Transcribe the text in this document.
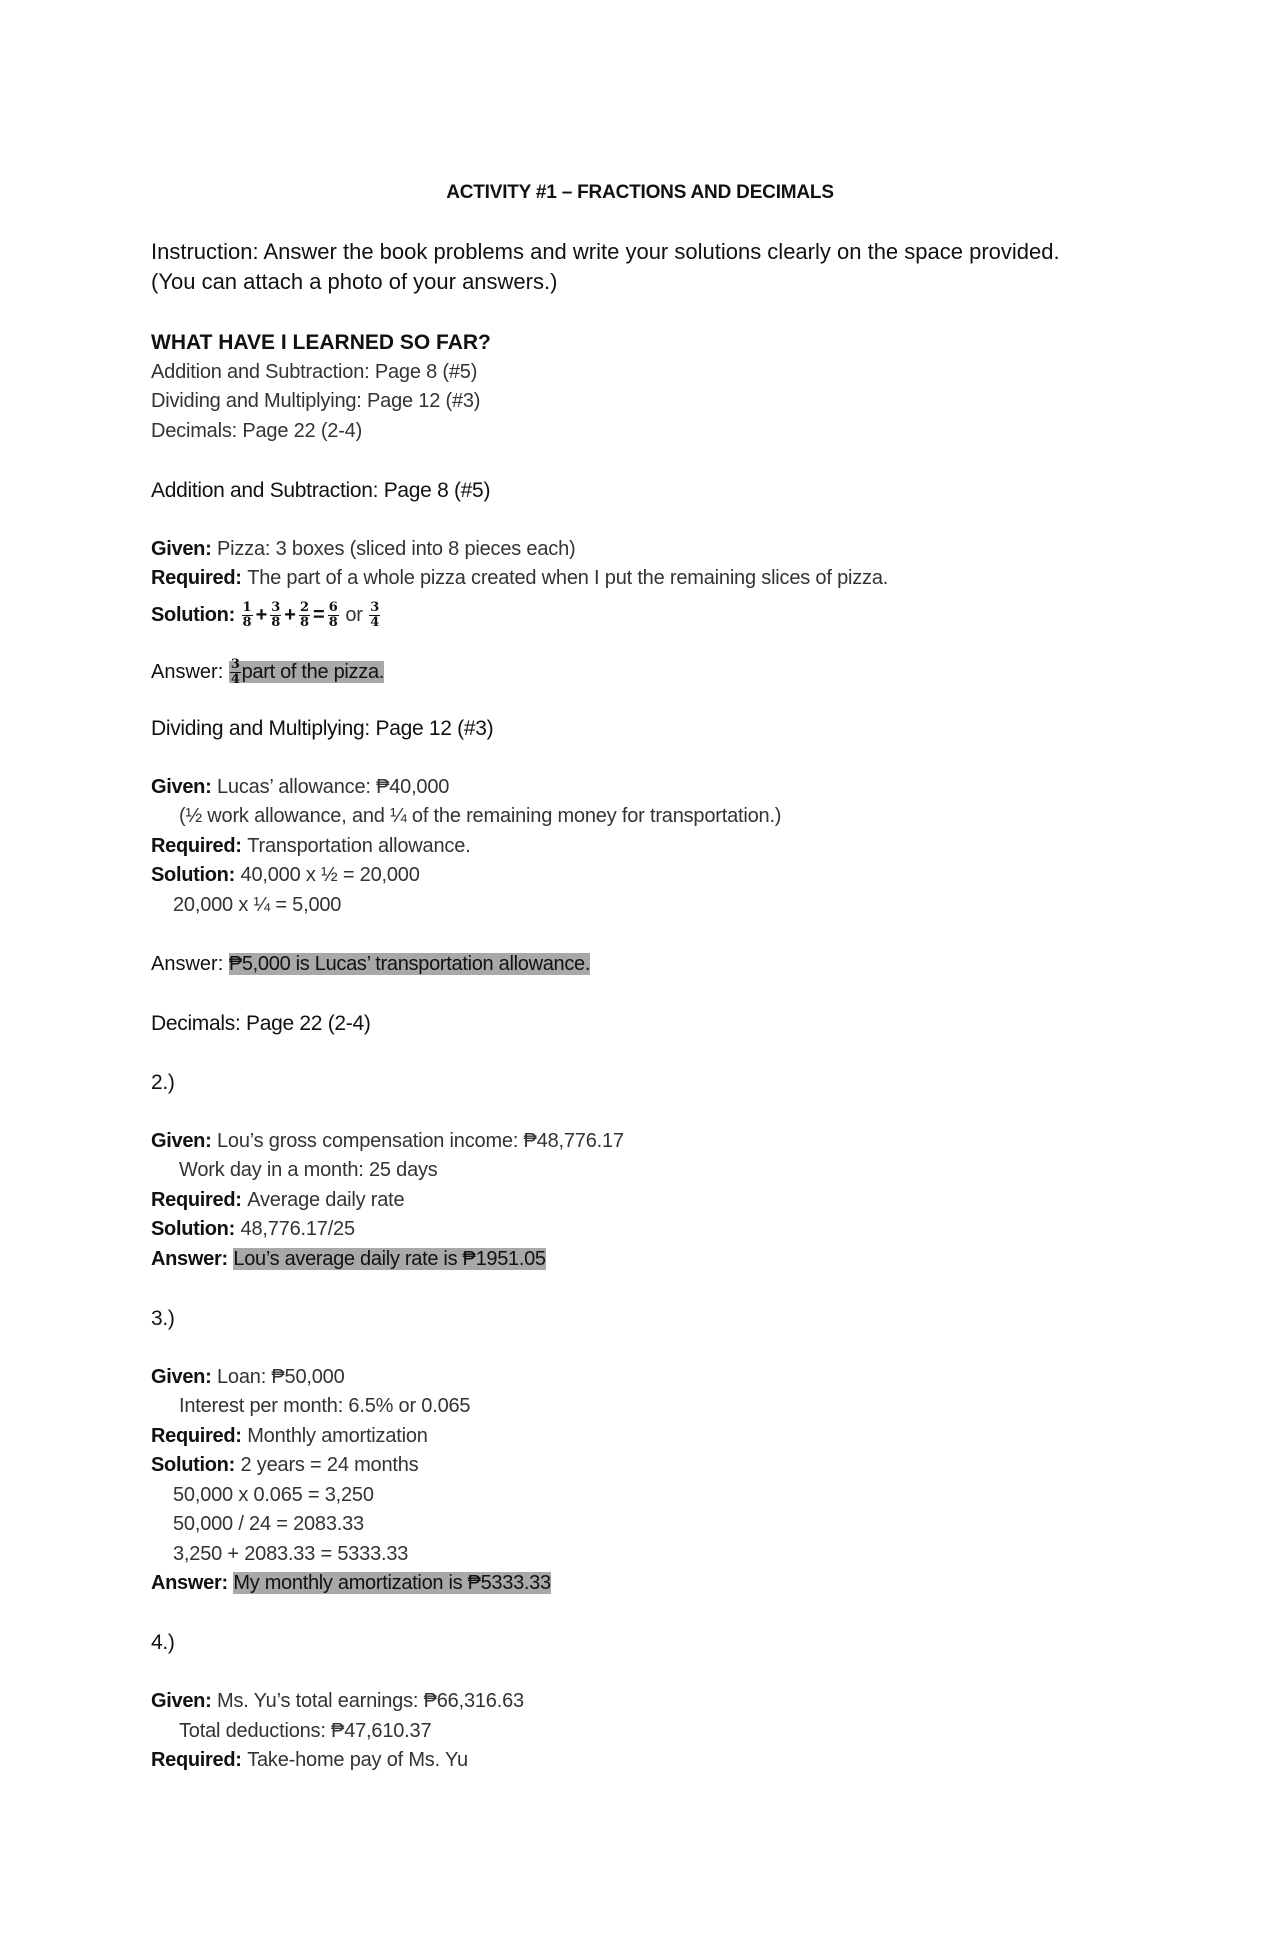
ACTIVITY #1 – FRACTIONS AND DECIMALS
Instruction: Answer the book problems and write your solutions clearly on the space provided.
(You can attach a photo of your answers.)
WHAT HAVE I LEARNED SO FAR?
Addition and Subtraction: Page 8 (#5)
Dividing and Multiplying: Page 12 (#3)
Decimals: Page 22 (2-4)
Addition and Subtraction: Page 8 (#5)
Given: Pizza: 3 boxes (sliced into 8 pieces each)
Required: The part of a whole pizza created when I put the remaining slices of pizza.
Solution: $\frac{1}{8} + \frac{3}{8} + \frac{2}{8} = \frac{6}{8}$ or $\frac{3}{4}$
Answer: $\frac{3}{4}$ part of the pizza.
Dividing and Multiplying: Page 12 (#3)
Given: Lucas’ allowance: ₱40,000
(½ work allowance, and ¼ of the remaining money for transportation.)
Required: Transportation allowance.
Solution: 40,000 x ½ = 20,000
20,000 x ¼ = 5,000
Answer: ₱5,000 is Lucas’ transportation allowance.
Decimals: Page 22 (2-4)
2.)
Given: Lou’s gross compensation income: ₱48,776.17
Work day in a month: 25 days
Required: Average daily rate
Solution: 48,776.17/25
Answer: Lou’s average daily rate is ₱1951.05
3.)
Given: Loan: ₱50,000
Interest per month: 6.5% or 0.065
Required: Monthly amortization
Solution: 2 years = 24 months
50,000 x 0.065 = 3,250
50,000 / 24 = 2083.33
3,250 + 2083.33 = 5333.33
Answer: My monthly amortization is ₱5333.33
4.)
Given: Ms. Yu’s total earnings: ₱66,316.63
Total deductions: ₱47,610.37
Required: Take-home pay of Ms. Yu
